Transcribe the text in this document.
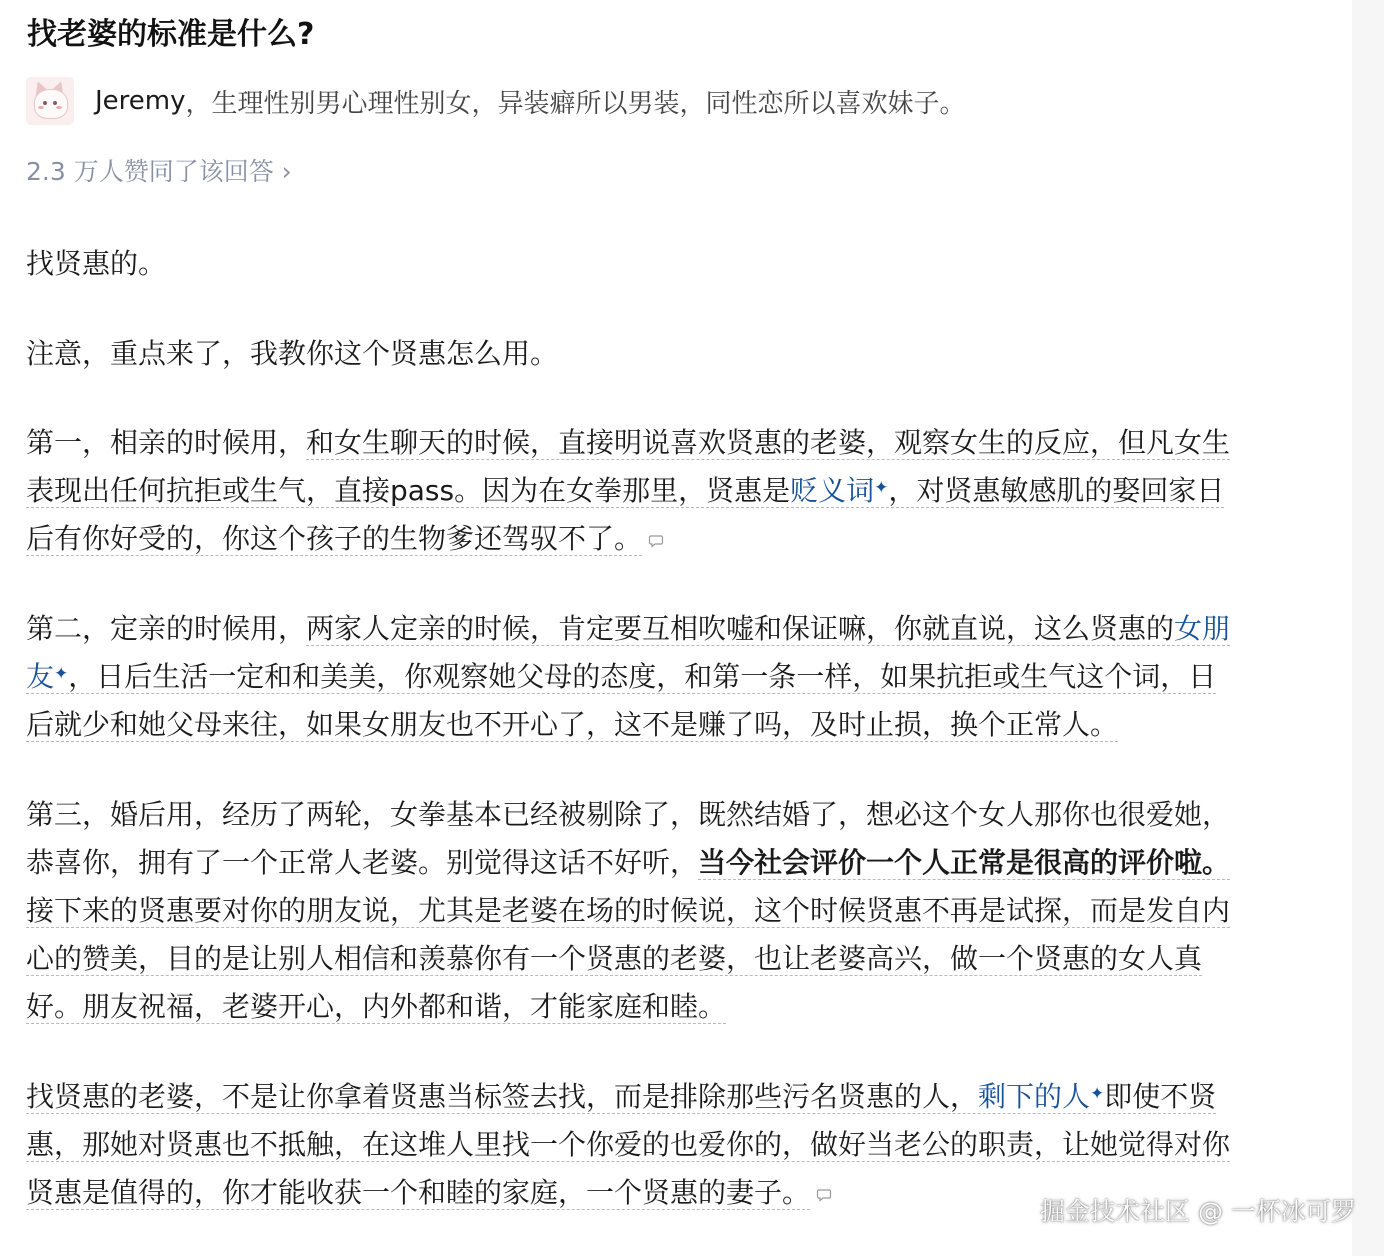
找老婆的标准是什么?
Jeremy ，生理性别男心理性别女，异装癖所以男装，同性恋所以喜欢妹子。
2.3 万人赞同了该回答 ›
找贤惠的。
注意，重点来了，我教你这个贤惠怎么用。
第一，相亲的时候用，和女生聊天的时候，直接明说喜欢贤惠的老婆，观察女生的反应，但凡女生
表现出任何抗拒或生气，直接pass。因为在女拳那里，贤惠是贬义词✦，对贤惠敏感肌的娶回家日
后有你好受的，你这个孩子的生物爹还驾驭不了。
第二，定亲的时候用，两家人定亲的时候，肯定要互相吹嘘和保证嘛，你就直说，这么贤惠的女朋
友✦，日后生活一定和和美美，你观察她父母的态度，和第一条一样，如果抗拒或生气这个词，日
后就少和她父母来往，如果女朋友也不开心了，这不是赚了吗，及时止损，换个正常人。
第三，婚后用，经历了两轮，女拳基本已经被剔除了，既然结婚了，想必这个女人那你也很爱她，
恭喜你，拥有了一个正常人老婆。别觉得这话不好听，当今社会评价一个人正常是很高的评价啦。
接下来的贤惠要对你的朋友说，尤其是老婆在场的时候说，这个时候贤惠不再是试探，而是发自内
心的赞美，目的是让别人相信和羡慕你有一个贤惠的老婆，也让老婆高兴，做一个贤惠的女人真
好。朋友祝福，老婆开心，内外都和谐，才能家庭和睦。
找贤惠的老婆，不是让你拿着贤惠当标签去找，而是排除那些污名贤惠的人，剩下的人✦即使不贤
惠，那她对贤惠也不抵触，在这堆人里找一个你爱的也爱你的，做好当老公的职责，让她觉得对你
贤惠是值得的，你才能收获一个和睦的家庭，一个贤惠的妻子。
掘金技术社区 @ 一杯冰可罗
